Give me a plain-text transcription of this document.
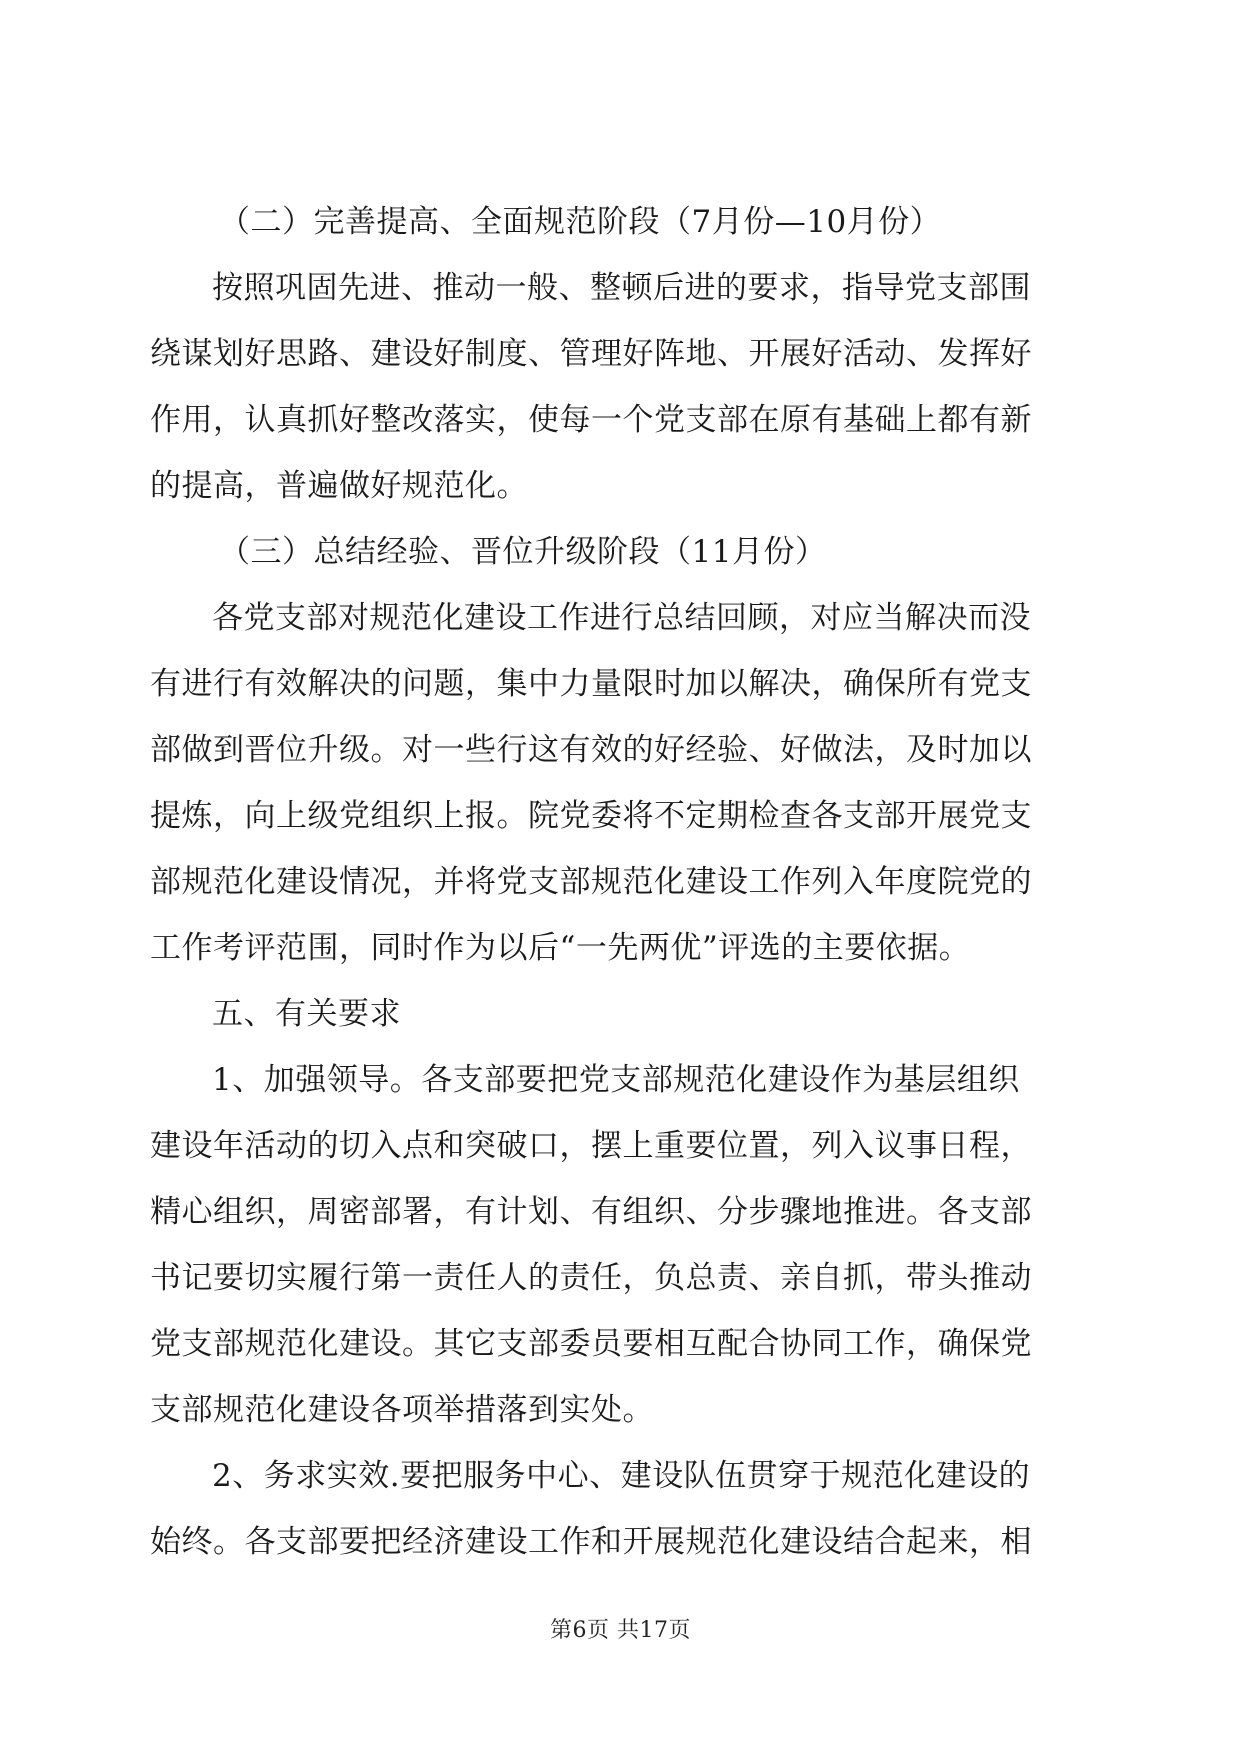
（二）完善提高、全面规范阶段（7月份—10月份）
按照巩固先进、推动一般、整顿后进的要求，指导党支部围
绕谋划好思路、建设好制度、管理好阵地、开展好活动、发挥好
作用，认真抓好整改落实，使每一个党支部在原有基础上都有新
的提高，普遍做好规范化。
（三）总结经验、晋位升级阶段（11月份）
各党支部对规范化建设工作进行总结回顾，对应当解决而没
有进行有效解决的问题，集中力量限时加以解决，确保所有党支
部做到晋位升级。对一些行这有效的好经验、好做法，及时加以
提炼，向上级党组织上报。院党委将不定期检查各支部开展党支
部规范化建设情况，并将党支部规范化建设工作列入年度院党的
工作考评范围，同时作为以后“一先两优”评选的主要依据。
五、有关要求
1、加强领导。各支部要把党支部规范化建设作为基层组织
建设年活动的切入点和突破口，摆上重要位置，列入议事日程，
精心组织，周密部署，有计划、有组织、分步骤地推进。各支部
书记要切实履行第一责任人的责任，负总责、亲自抓，带头推动
党支部规范化建设。其它支部委员要相互配合协同工作，确保党
支部规范化建设各项举措落到实处。
2、务求实效.要把服务中心、建设队伍贯穿于规范化建设的
始终。各支部要把经济建设工作和开展规范化建设结合起来，相
第6页 共17页
